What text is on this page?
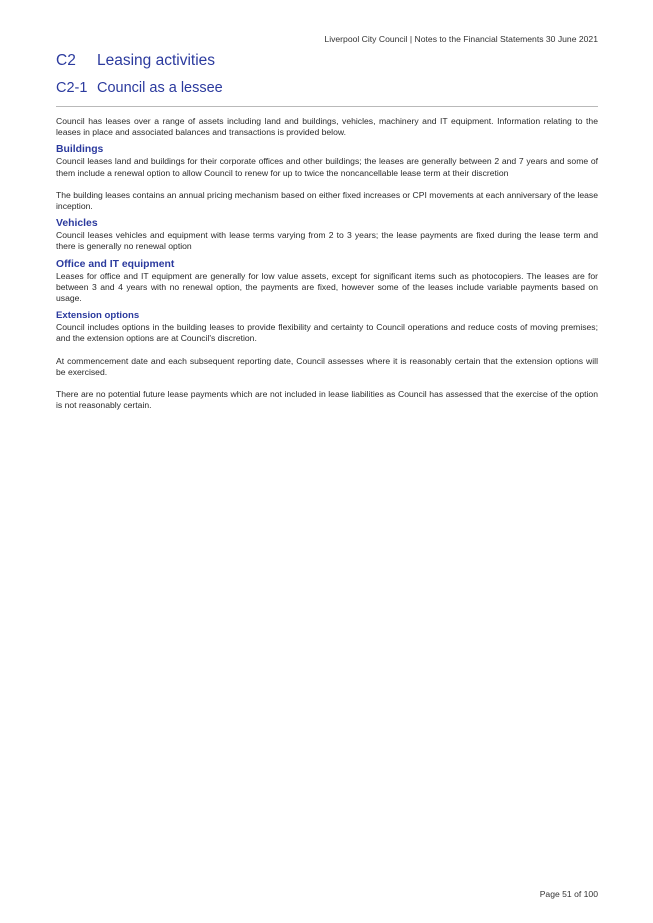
Liverpool City Council | Notes to the Financial Statements 30 June 2021
C2 Leasing activities
C2-1 Council as a lessee

Council has leases over a range of assets including land and buildings, vehicles, machinery and IT equipment. Information relating to the leases in place and associated balances and transactions is provided below.

Buildings

Council leases land and buildings for their corporate offices and other buildings; the leases are generally between 2 and 7 years and some of them include a renewal option to allow Council to renew for up to twice the noncancellable lease term at their discretion

The building leases contains an annual pricing mechanism based on either fixed increases or CPI movements at each anniversary of the lease inception.

Vehicles

Council leases vehicles and equipment with lease terms varying from 2 to 3 years; the lease payments are fixed during the lease term and there is generally no renewal option

Office and IT equipment

Leases for office and IT equipment are generally for low value assets, except for significant items such as photocopiers. The leases are for between 3 and 4 years with no renewal option, the payments are fixed, however some of the leases include variable payments based on usage.

Extension options

Council includes options in the building leases to provide flexibility and certainty to Council operations and reduce costs of moving premises; and the extension options are at Council's discretion.

At commencement date and each subsequent reporting date, Council assesses where it is reasonably certain that the extension options will be exercised.

There are no potential future lease payments which are not included in lease liabilities as Council has assessed that the exercise of the option is not reasonably certain.

Page 51 of 100
